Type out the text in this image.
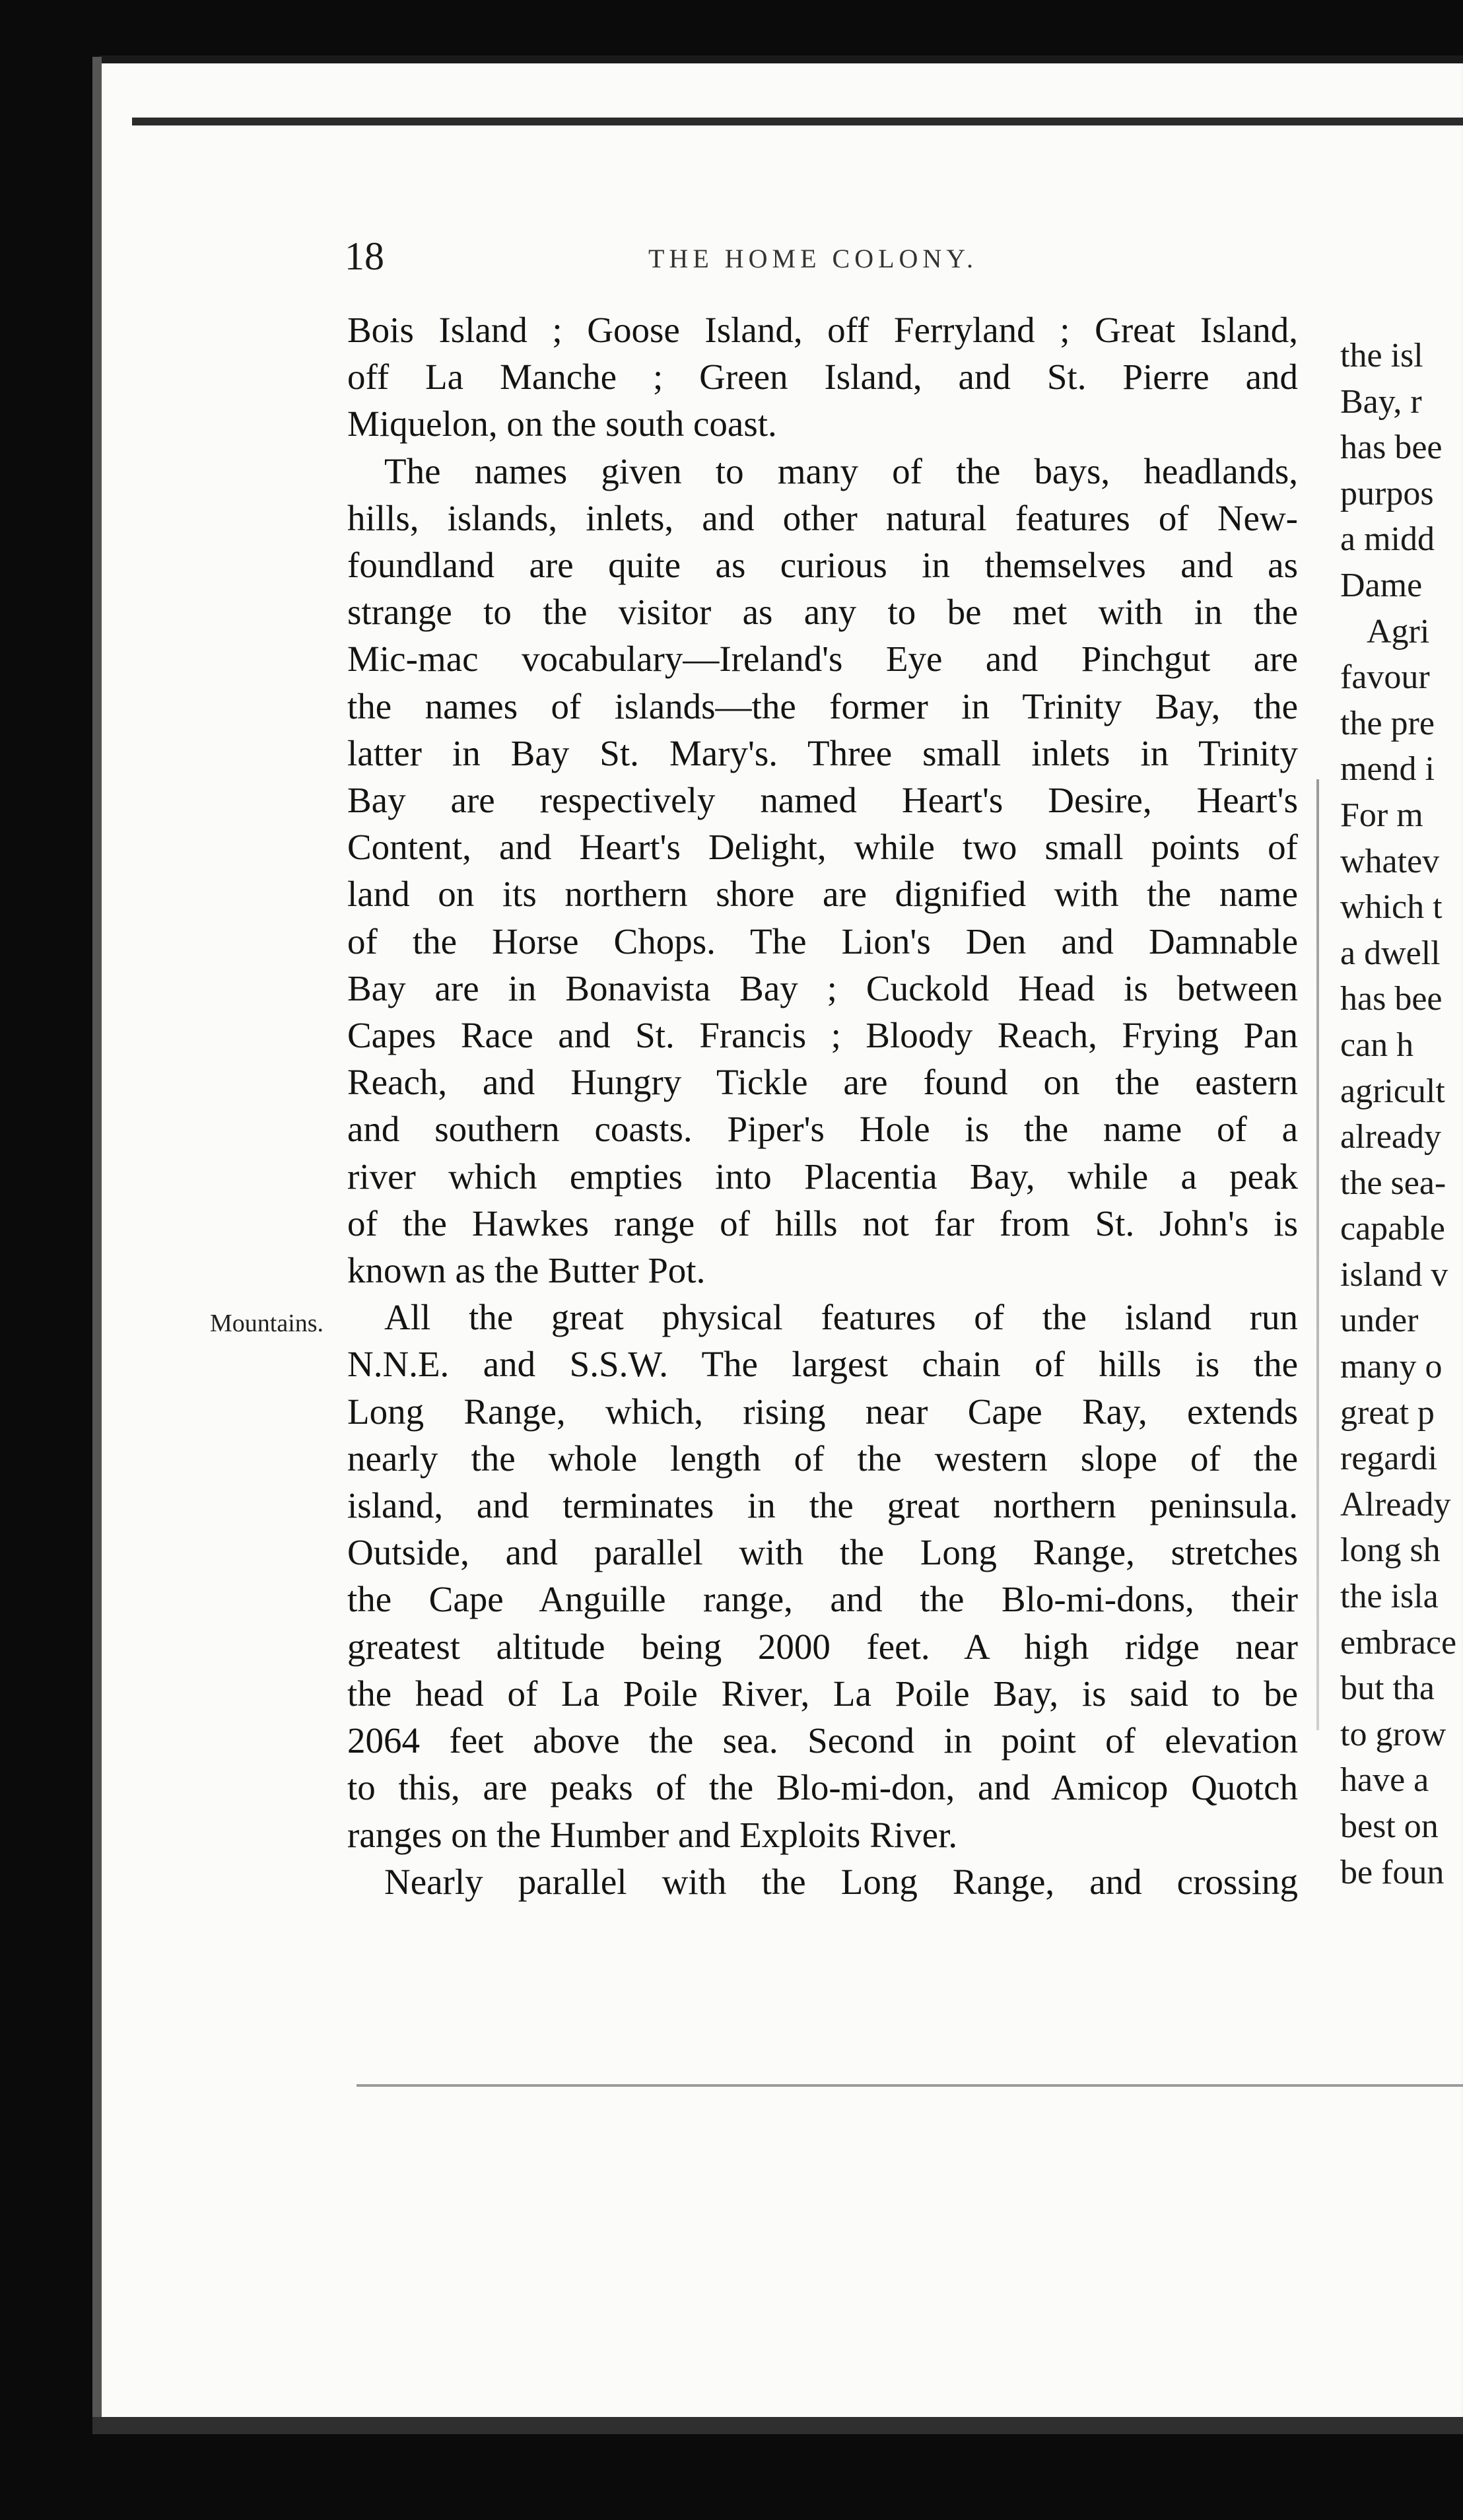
18	THE HOME COLONY.
Mountains.
Bois Island ; Goose Island, off Ferryland ; Great Island,
off La Manche ; Green Island, and St. Pierre and
Miquelon, on the south coast.
The names given to many of the bays, headlands,
hills, islands, inlets, and other natural features of New-
foundland are quite as curious in themselves and as
strange to the visitor as any to be met with in the
Mic-mac vocabulary—Ireland's Eye and Pinchgut are
the names of islands—the former in Trinity Bay, the
latter in Bay St. Mary's. Three small inlets in Trinity
Bay are respectively named Heart's Desire, Heart's
Content, and Heart's Delight, while two small points of
land on its northern shore are dignified with the name
of the Horse Chops. The Lion's Den and Damnable
Bay are in Bonavista Bay ; Cuckold Head is between
Capes Race and St. Francis ; Bloody Reach, Frying Pan
Reach, and Hungry Tickle are found on the eastern
and southern coasts. Piper's Hole is the name of a
river which empties into Placentia Bay, while a peak
of the Hawkes range of hills not far from St. John's is
known as the Butter Pot.
All the great physical features of the island run
N.N.E. and S.S.W. The largest chain of hills is the
Long Range, which, rising near Cape Ray, extends
nearly the whole length of the western slope of the
island, and terminates in the great northern peninsula.
Outside, and parallel with the Long Range, stretches
the Cape Anguille range, and the Blo-mi-dons, their
greatest altitude being 2000 feet. A high ridge near
the head of La Poile River, La Poile Bay, is said to be
2064 feet above the sea. Second in point of elevation
to this, are peaks of the Blo-mi-don, and Amicop Quotch
ranges on the Humber and Exploits River.
Nearly parallel with the Long Range, and crossing
the isl
Bay, r
has bee
purpos
a midd
Dame
Agri
favour
the pre
mend i
For m
whatev
which t
a dwell
has bee
can h
agricult
already
the sea-
capable
island v
under
many o
great p
regardi
Already
long sh
the isla
embrace
but tha
to grow
have a
best on
be foun
